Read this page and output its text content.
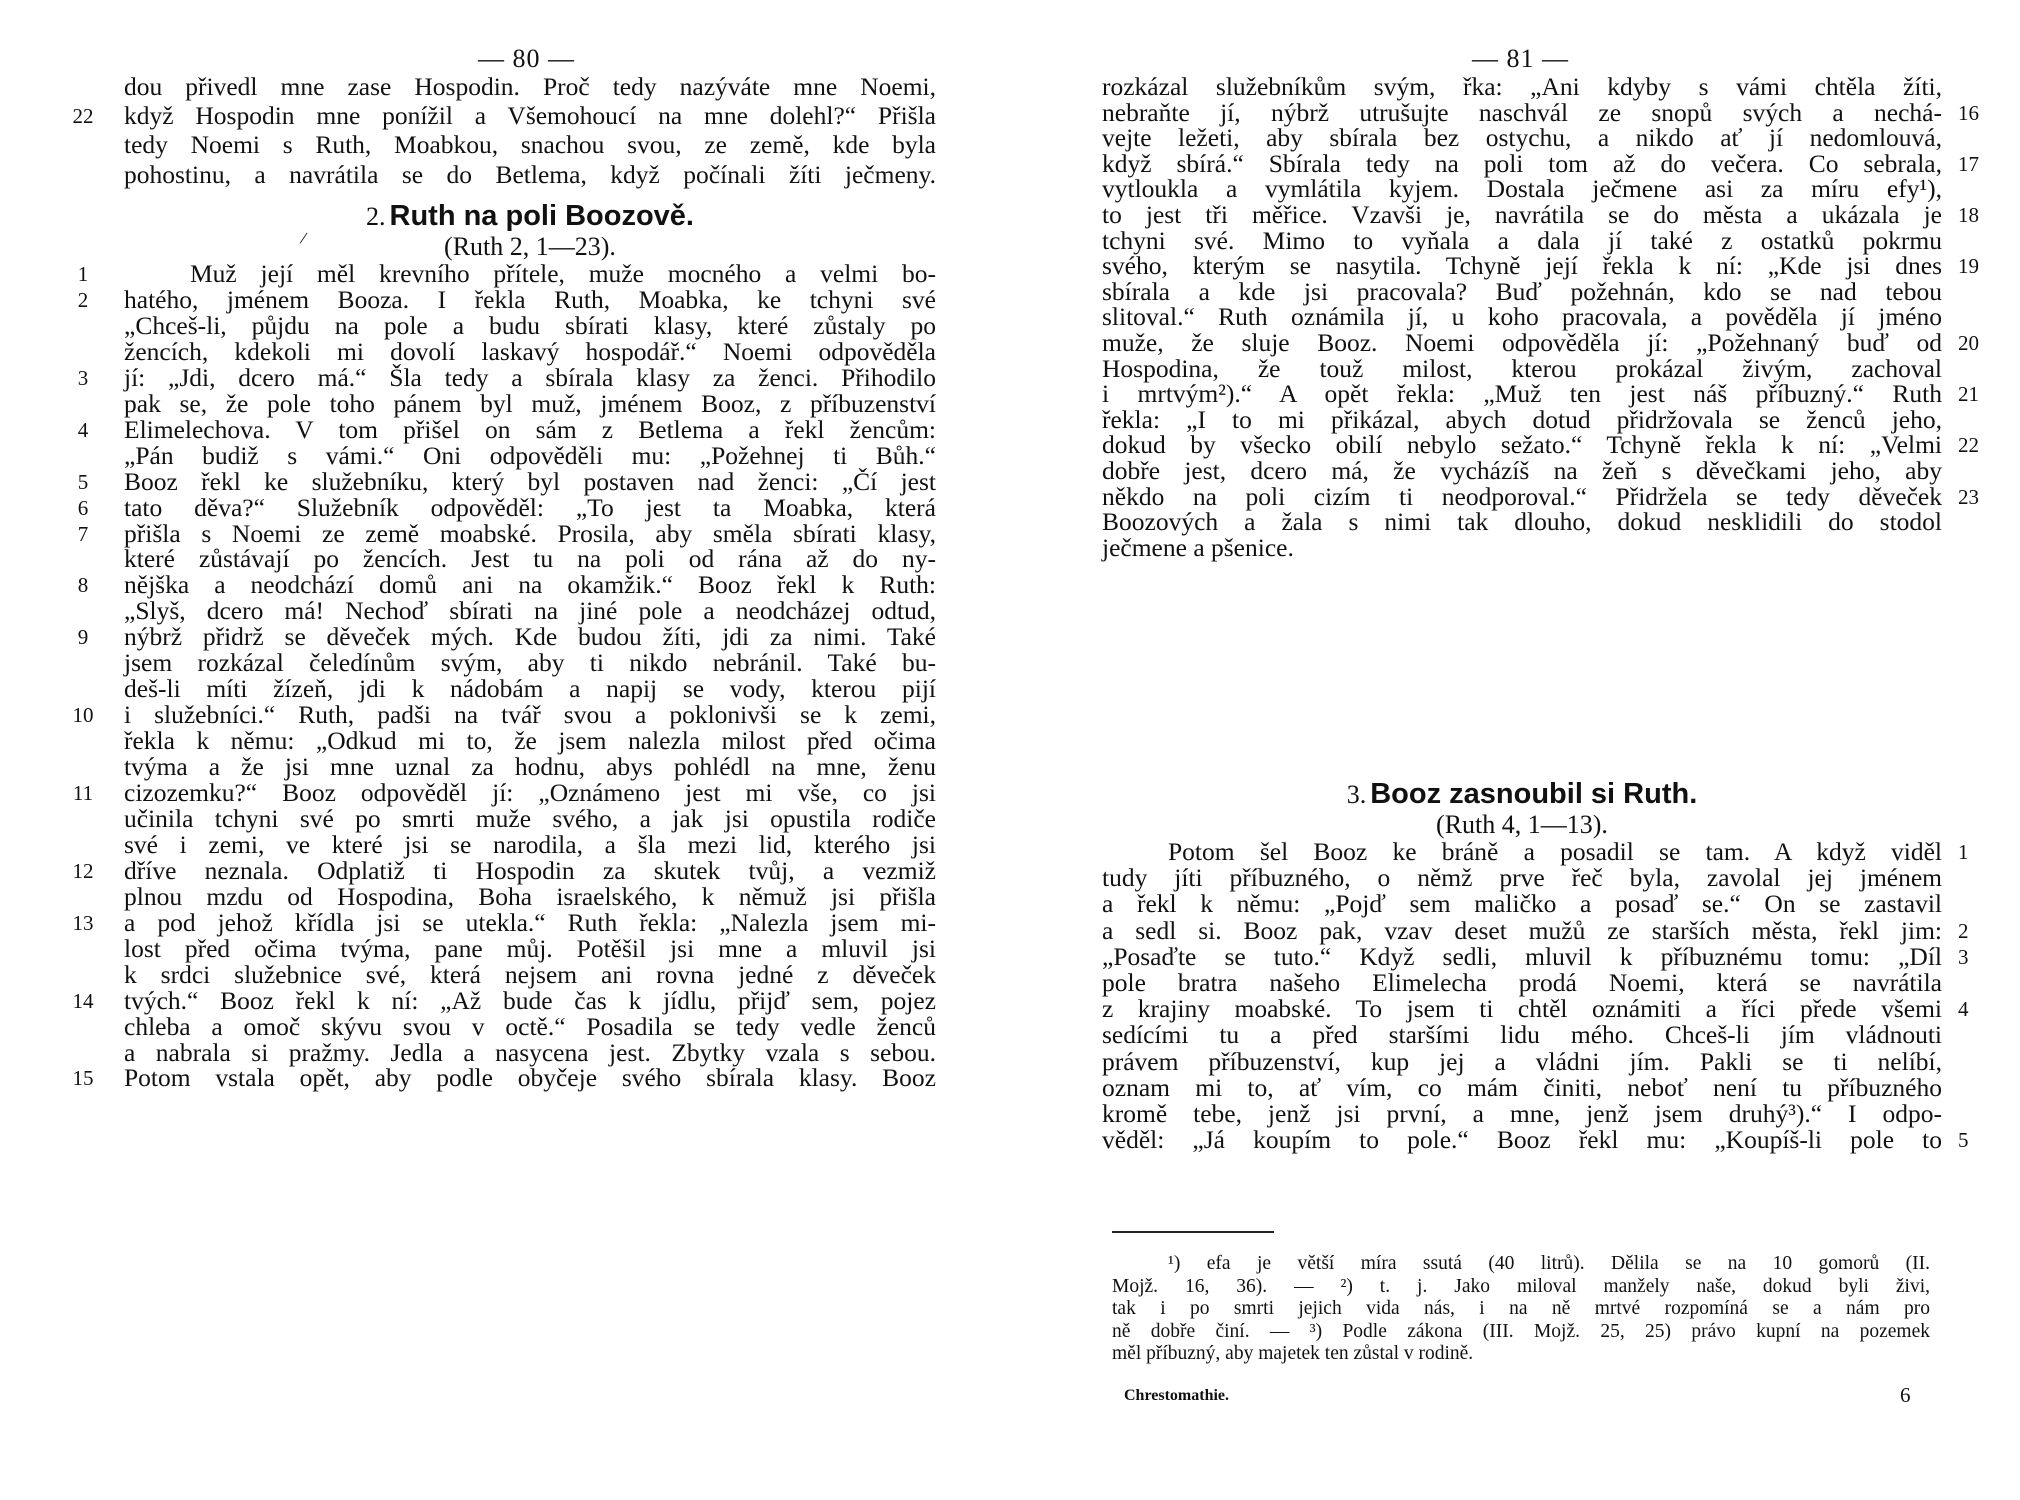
— 80 —
/
dou přivedl mne zase Hospodin. Proč tedy nazýváte mne Noemi,
když Hospodin mne ponížil a Všemohoucí na mne dolehl?“ Přišla
22
tedy Noemi s Ruth, Moabkou, snachou svou, ze země, kde byla
pohostinu, a navrátila se do Betlema, když počínali žíti ječmeny.
2. Ruth na poli Boozově.
(Ruth 2, 1—23).
Muž její měl krevního přítele, muže mocného a velmi bo-
1
hatého, jménem Booza. I řekla Ruth, Moabka, ke tchyni své
2
„Chceš-li, půjdu na pole a budu sbírati klasy, které zůstaly po
žencích, kdekoli mi dovolí laskavý hospodář.“ Noemi odpověděla
jí: „Jdi, dcero má.“ Šla tedy a sbírala klasy za ženci. Přihodilo
3
pak se, že pole toho pánem byl muž, jménem Booz, z příbuzenství
Elimelechova. V tom přišel on sám z Betlema a řekl žencům:
4
„Pán budiž s vámi.“ Oni odpověděli mu: „Požehnej ti Bůh.“
Booz řekl ke služebníku, který byl postaven nad ženci: „Čí jest
5
tato děva?“ Služebník odpověděl: „To jest ta Moabka, která
6
přišla s Noemi ze země moabské. Prosila, aby směla sbírati klasy,
7
které zůstávají po žencích. Jest tu na poli od rána až do ny-
nějška a neodchází domů ani na okamžik.“ Booz řekl k Ruth:
8
„Slyš, dcero má! Nechoď sbírati na jiné pole a neodcházej odtud,
nýbrž přidrž se děveček mých. Kde budou žíti, jdi za nimi. Také
9
jsem rozkázal čeledínům svým, aby ti nikdo nebránil. Také bu-
deš-li míti žízeň, jdi k nádobám a napij se vody, kterou pijí
i služebníci.“ Ruth, padši na tvář svou a poklonivši se k zemi,
10
řekla k němu: „Odkud mi to, že jsem nalezla milost před očima
tvýma a že jsi mne uznal za hodnu, abys pohlédl na mne, ženu
cizozemku?“ Booz odpověděl jí: „Oznámeno jest mi vše, co jsi
11
učinila tchyni své po smrti muže svého, a jak jsi opustila rodiče
své i zemi, ve které jsi se narodila, a šla mezi lid, kterého jsi
dříve neznala. Odplatiž ti Hospodin za skutek tvůj, a vezmiž
12
plnou mzdu od Hospodina, Boha israelského, k němuž jsi přišla
a pod jehož křídla jsi se utekla.“ Ruth řekla: „Nalezla jsem mi-
13
lost před očima tvýma, pane můj. Potěšil jsi mne a mluvil jsi
k srdci služebnice své, která nejsem ani rovna jedné z děveček
tvých.“ Booz řekl k ní: „Až bude čas k jídlu, přijď sem, pojez
14
chleba a omoč skývu svou v octě.“ Posadila se tedy vedle ženců
a nabrala si pražmy. Jedla a nasycena jest. Zbytky vzala s sebou.
Potom vstala opět, aby podle obyčeje svého sbírala klasy. Booz
15
— 81 —
rozkázal služebníkům svým, řka: „Ani kdyby s vámi chtěla žíti,
nebraňte jí, nýbrž utrušujte naschvál ze snopů svých a nechá- 16
vejte ležeti, aby sbírala bez ostychu, a nikdo ať jí nedomlouvá,
když sbírá.“ Sbírala tedy na poli tom až do večera. Co sebrala, 17
vytloukla a vymlátila kyjem. Dostala ječmene asi za míru efy¹),
to jest tři měřice. Vzavši je, navrátila se do města a ukázala je 18
tchyni své. Mimo to vyňala a dala jí také z ostatků pokrmu
svého, kterým se nasytila. Tchyně její řekla k ní: „Kde jsi dnes 19
sbírala a kde jsi pracovala? Buď požehnán, kdo se nad tebou
slitoval.“ Ruth oznámila jí, u koho pracovala, a pověděla jí jméno
muže, že sluje Booz. Noemi odpověděla jí: „Požehnaný buď od 20
Hospodina, že touž milost, kterou prokázal živým, zachoval
i mrtvým²).“ A opět řekla: „Muž ten jest náš příbuzný.“ Ruth 21
řekla: „I to mi přikázal, abych dotud přidržovala se ženců jeho,
dokud by všecko obilí nebylo sežato.“ Tchyně řekla k ní: „Velmi 22
dobře jest, dcero má, že vycházíš na žeň s děvečkami jeho, aby
někdo na poli cizím ti neodporoval.“ Přidržela se tedy děveček 23
Boozových a žala s nimi tak dlouho, dokud nesklidili do stodol
ječmene a pšenice.
3. Booz zasnoubil si Ruth.
(Ruth 4, 1—13).
Potom šel Booz ke bráně a posadil se tam. A když viděl 1
tudy jíti příbuzného, o němž prve řeč byla, zavolal jej jménem
a řekl k němu: „Pojď sem maličko a posaď se.“ On se zastavil
a sedl si. Booz pak, vzav deset mužů ze starších města, řekl jim: 2
„Posaďte se tuto.“ Když sedli, mluvil k příbuznému tomu: „Díl 3
pole bratra našeho Elimelecha prodá Noemi, která se navrátila
z krajiny moabské. To jsem ti chtěl oznámiti a říci přede všemi 4
sedícími tu a před staršími lidu mého. Chceš-li jím vládnouti
právem příbuzenství, kup jej a vládni jím. Pakli se ti nelíbí,
oznam mi to, ať vím, co mám činiti, neboť není tu příbuzného
kromě tebe, jenž jsi první, a mne, jenž jsem druhý³).“ I odpo-
věděl: „Já koupím to pole.“ Booz řekl mu: „Koupíš-li pole to 5
¹) efa je větší míra ssutá (40 litrů). Dělila se na 10 gomorů (II.
Mojž. 16, 36). — ²) t. j. Jako miloval manžely naše, dokud byli živi,
tak i po smrti jejich vida nás, i na ně mrtvé rozpomíná se a nám pro
ně dobře činí. — ³) Podle zákona (III. Mojž. 25, 25) právo kupní na pozemek
měl příbuzný, aby majetek ten zůstal v rodině.
Chrestomathie.	6
